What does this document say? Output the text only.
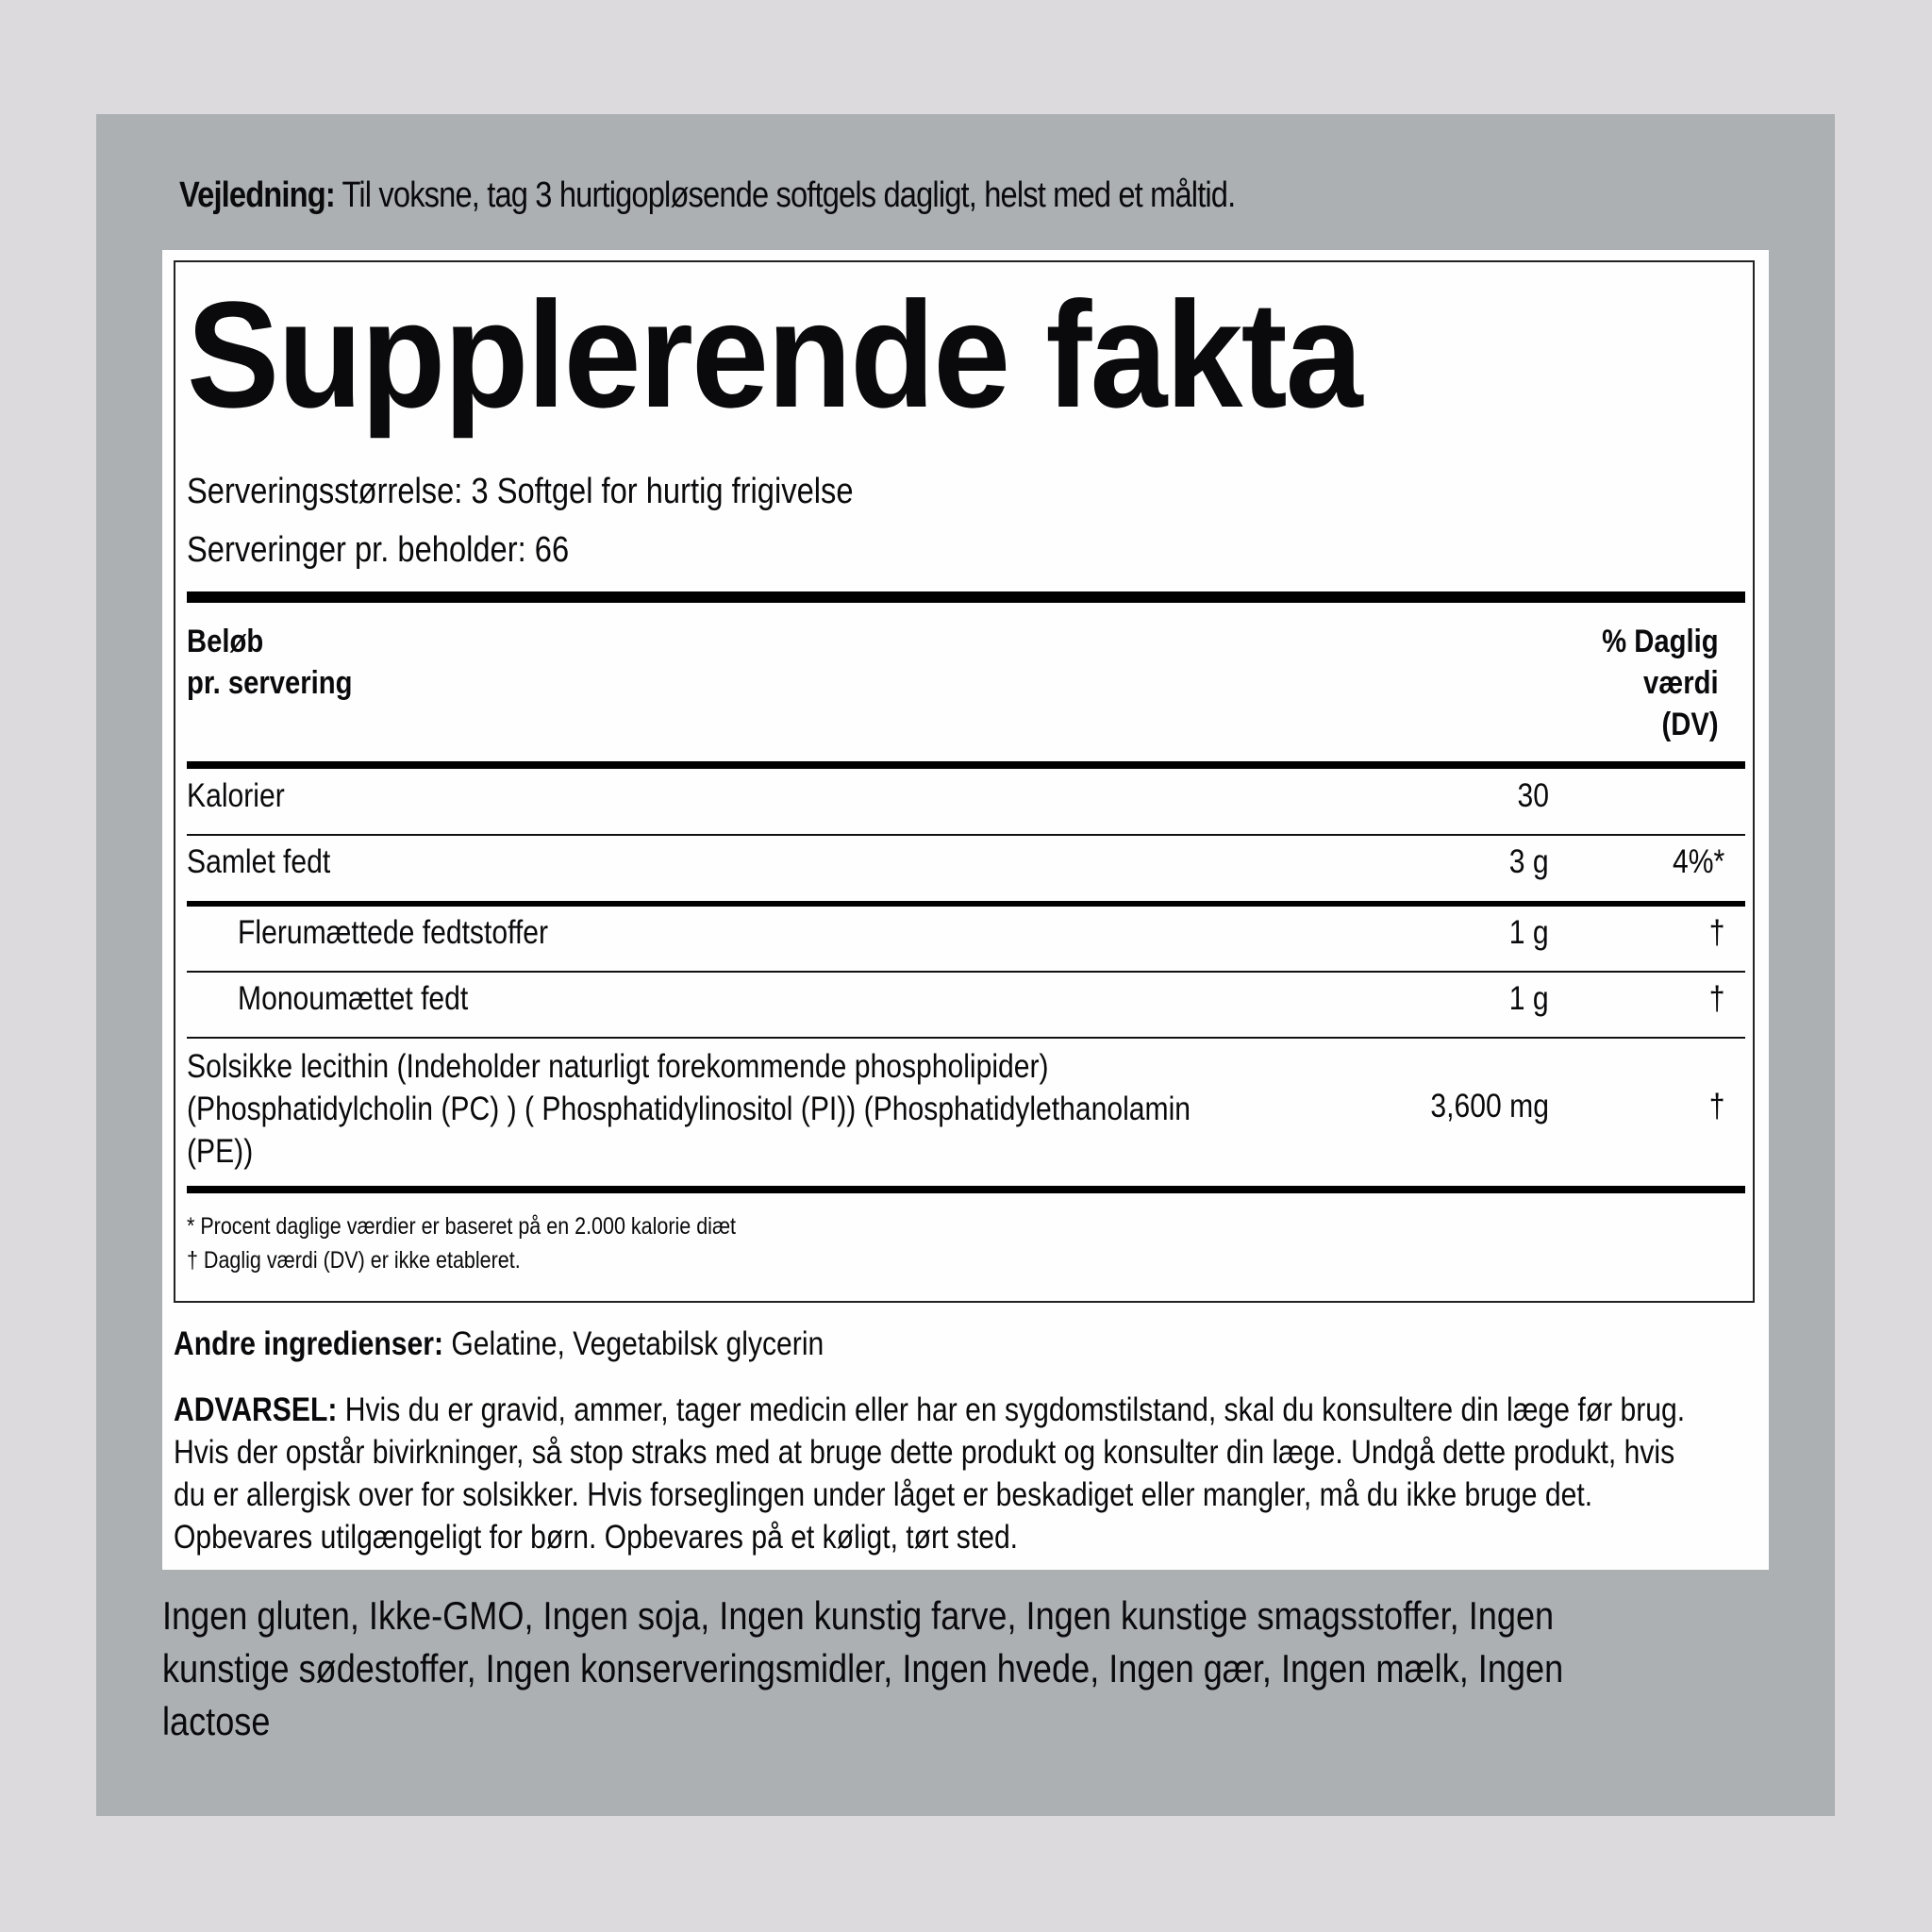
Vejledning: Til voksne, tag 3 hurtigopløsende softgels dagligt, helst med et måltid.
Supplerende fakta
Serveringsstørrelse: 3 Softgel for hurtig frigivelse
Serveringer pr. beholder: 66
Beløb
pr. servering
% Daglig
værdi
(DV)
Kalorier	30
Samlet fedt	3 g	4%*
Flerumættede fedtstoffer	1 g	†
Monoumættet fedt	1 g	†
Solsikke lecithin (Indeholder naturligt forekommende phospholipider)
(Phosphatidylcholin (PC) ) ( Phosphatidylinositol (PI)) (Phosphatidylethanolamin
(PE))
3,600 mg	†
* Procent daglige værdier er baseret på en 2.000 kalorie diæt
† Daglig værdi (DV) er ikke etableret.
Andre ingredienser: Gelatine, Vegetabilsk glycerin
ADVARSEL: Hvis du er gravid, ammer, tager medicin eller har en sygdomstilstand, skal du konsultere din læge før brug.
Hvis der opstår bivirkninger, så stop straks med at bruge dette produkt og konsulter din læge. Undgå dette produkt, hvis
du er allergisk over for solsikker. Hvis forseglingen under låget er beskadiget eller mangler, må du ikke bruge det.
Opbevares utilgængeligt for børn. Opbevares på et køligt, tørt sted.
Ingen gluten, Ikke-GMO, Ingen soja, Ingen kunstig farve, Ingen kunstige smagsstoffer, Ingen
kunstige sødestoffer, Ingen konserveringsmidler, Ingen hvede, Ingen gær, Ingen mælk, Ingen
lactose
